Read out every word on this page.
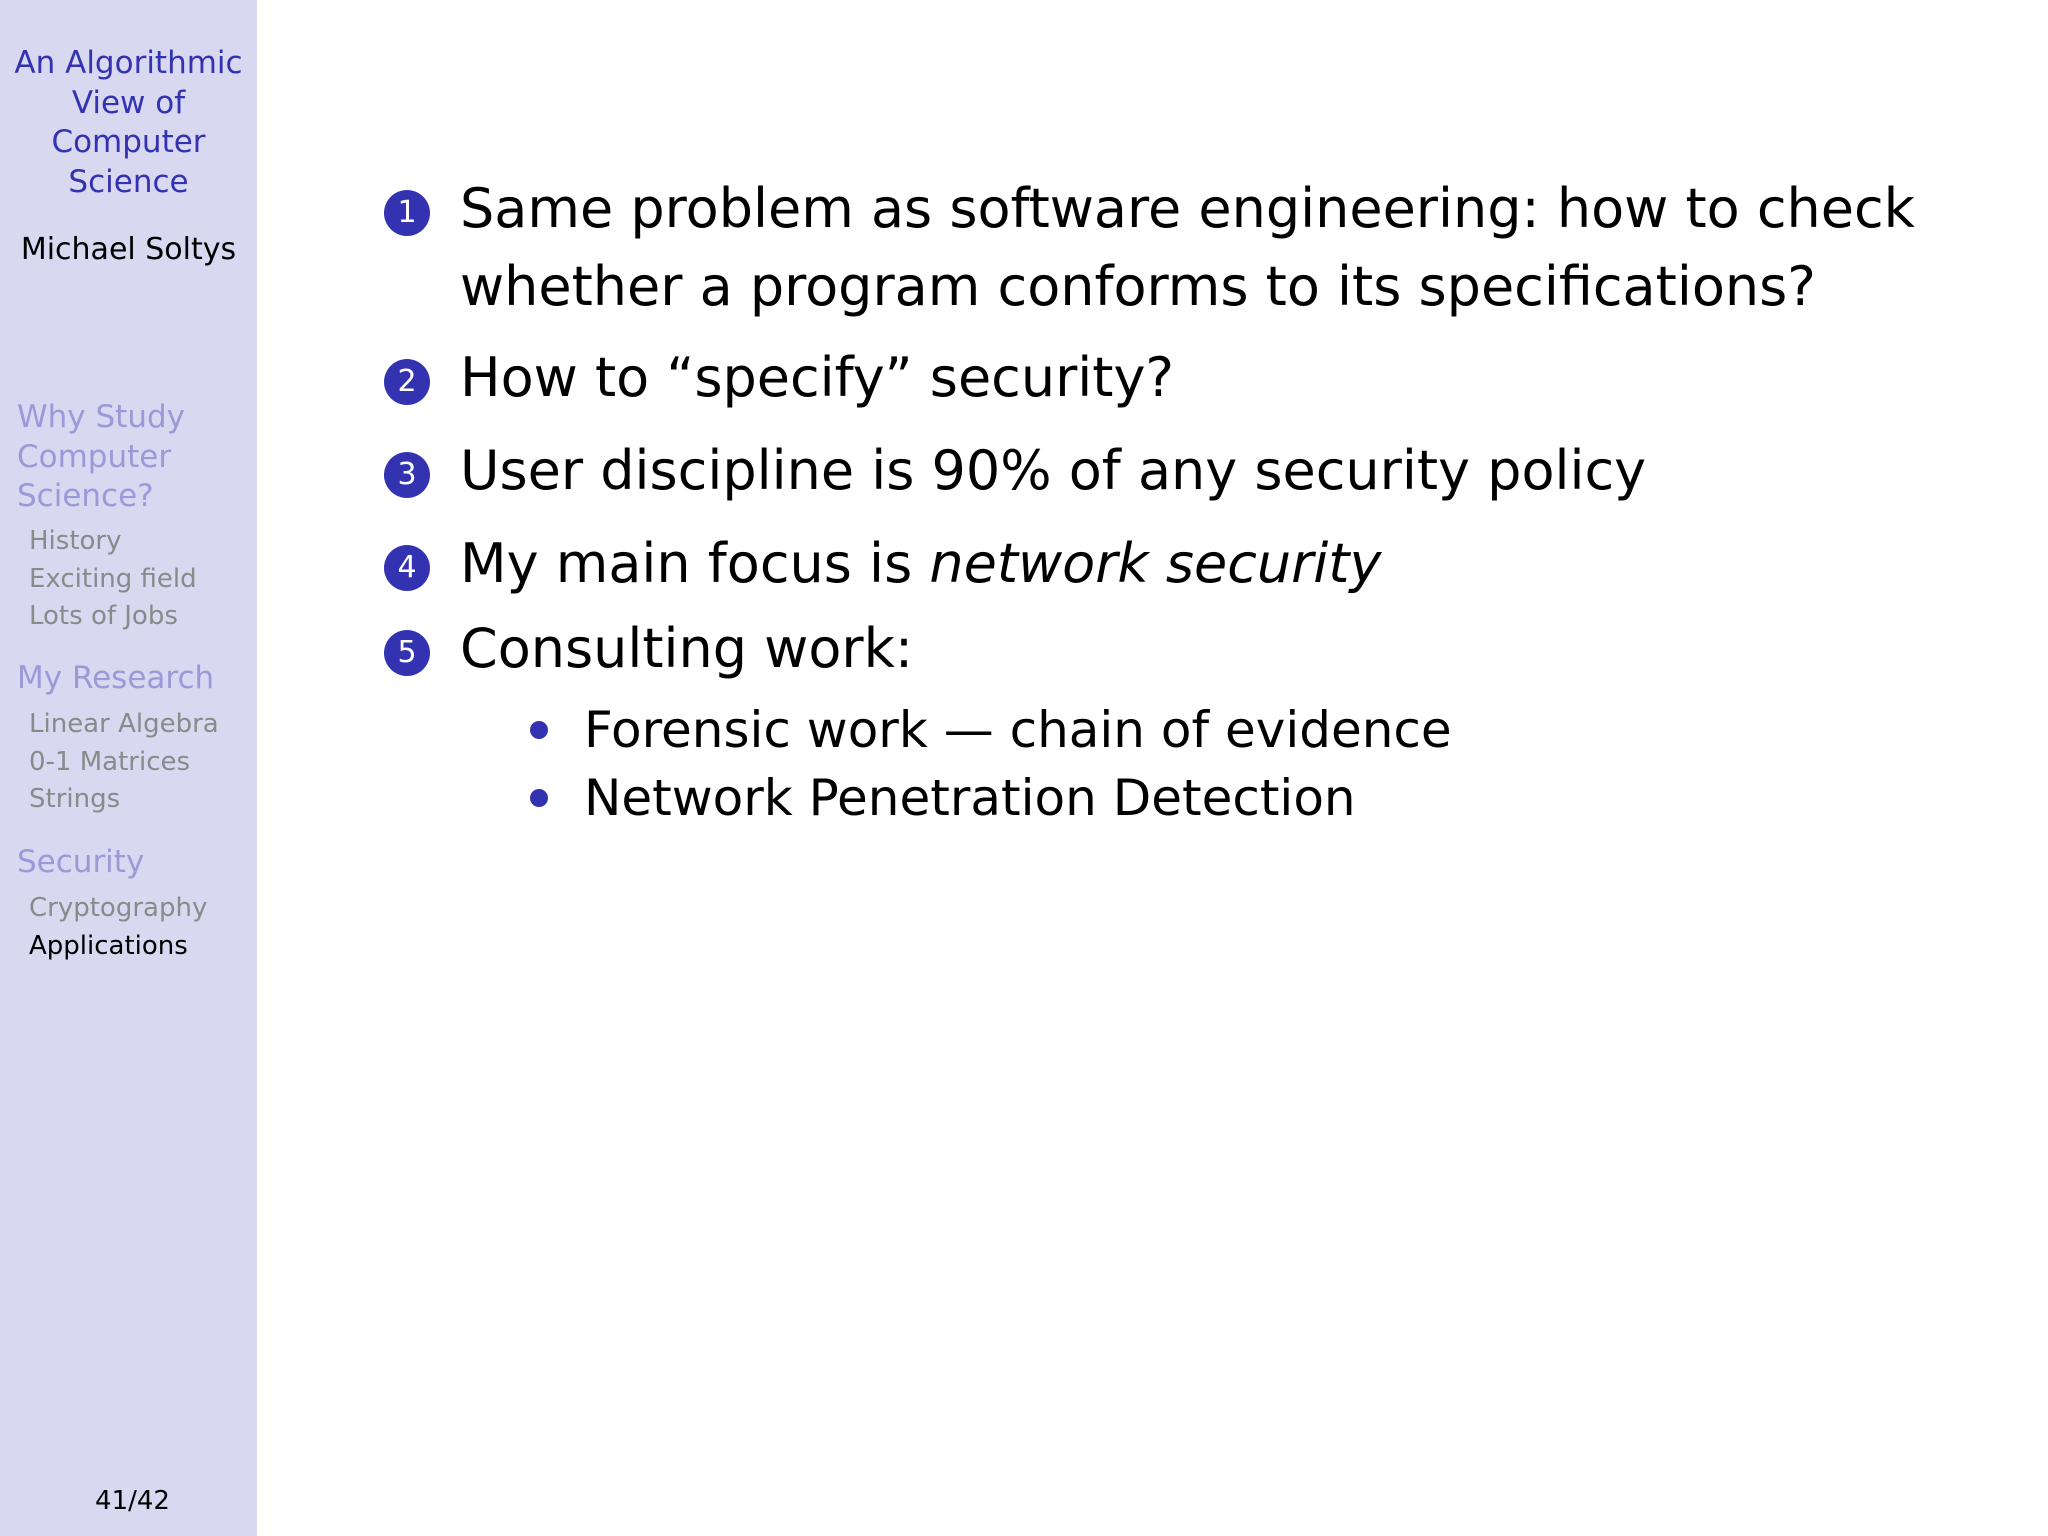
An Algorithmic
View of
Computer
Science
Michael Soltys
Why Study
Computer
Science?
History
Exciting field
Lots of Jobs
My Research
Linear Algebra
0-1 Matrices
Strings
Security
Cryptography
Applications
41/42
1 Same problem as software engineering: how to check
whether a program conforms to its specifications?
2 How to “specify” security?
3 User discipline is 90% of any security policy
4 My main focus is network security
5 Consulting work:
Forensic work — chain of evidence
Network Penetration Detection
